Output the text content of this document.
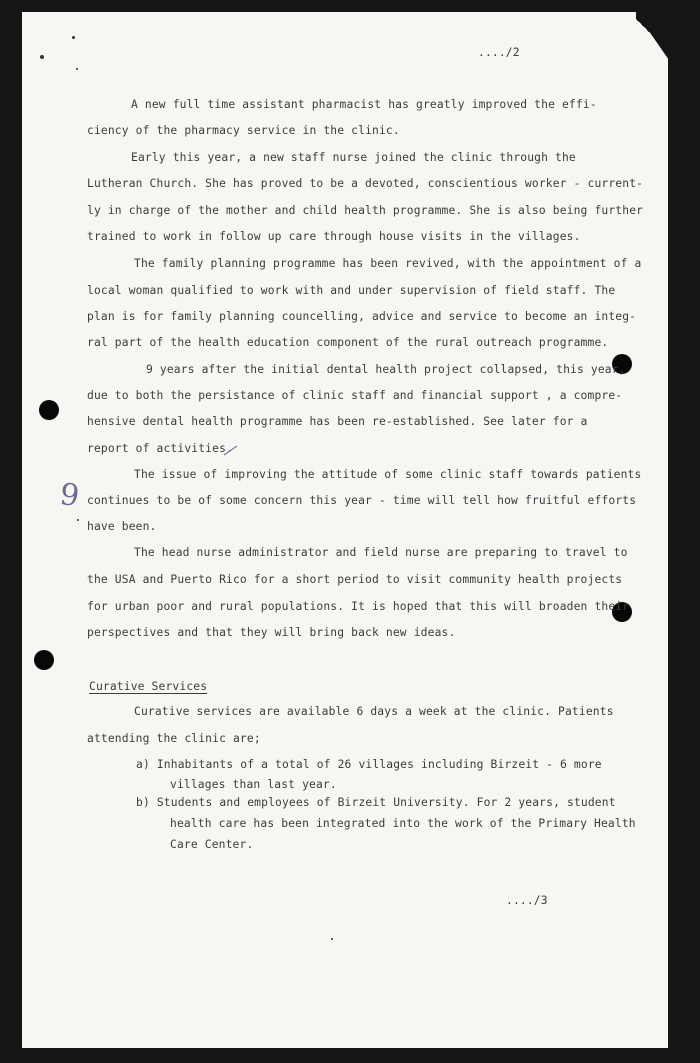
..../2
A new full time assistant pharmacist has greatly improved the effi-
ciency of the pharmacy service in the clinic.
Early this year, a new staff nurse joined the clinic through the
Lutheran Church. She has proved to be a devoted, conscientious worker - current-
ly in charge of the mother and child health programme. She is also being further
trained to work in follow up care through house visits in the villages.
The family planning programme has been revived, with the appointment of a
local woman qualified to work with and under supervision of field staff. The
plan is for family planning councelling, advice and service to become an integ-
ral part of the health education component of the rural outreach programme.
9 years after the initial dental health project collapsed, this year,
due to both the persistance of clinic staff and financial support , a compre-
hensive dental health programme has been re-established. See later for a
report of activities.
The issue of improving the attitude of some clinic staff towards patients
continues to be of some concern this year - time will tell how fruitful efforts
have been.
The head nurse administrator and field nurse are preparing to travel to
the USA and Puerto Rico for a short period to visit community health projects
for urban poor and rural populations. It is hoped that this will broaden their
perspectives and that they will bring back new ideas.
Curative Services
Curative services are available 6 days a week at the clinic. Patients
attending the clinic are;
a) Inhabitants of a total of 26 villages including Birzeit - 6 more
villages than last year.
b) Students and employees of Birzeit University. For 2 years, student
health care has been integrated into the work of the Primary Health
Care Center.
..../3
9
